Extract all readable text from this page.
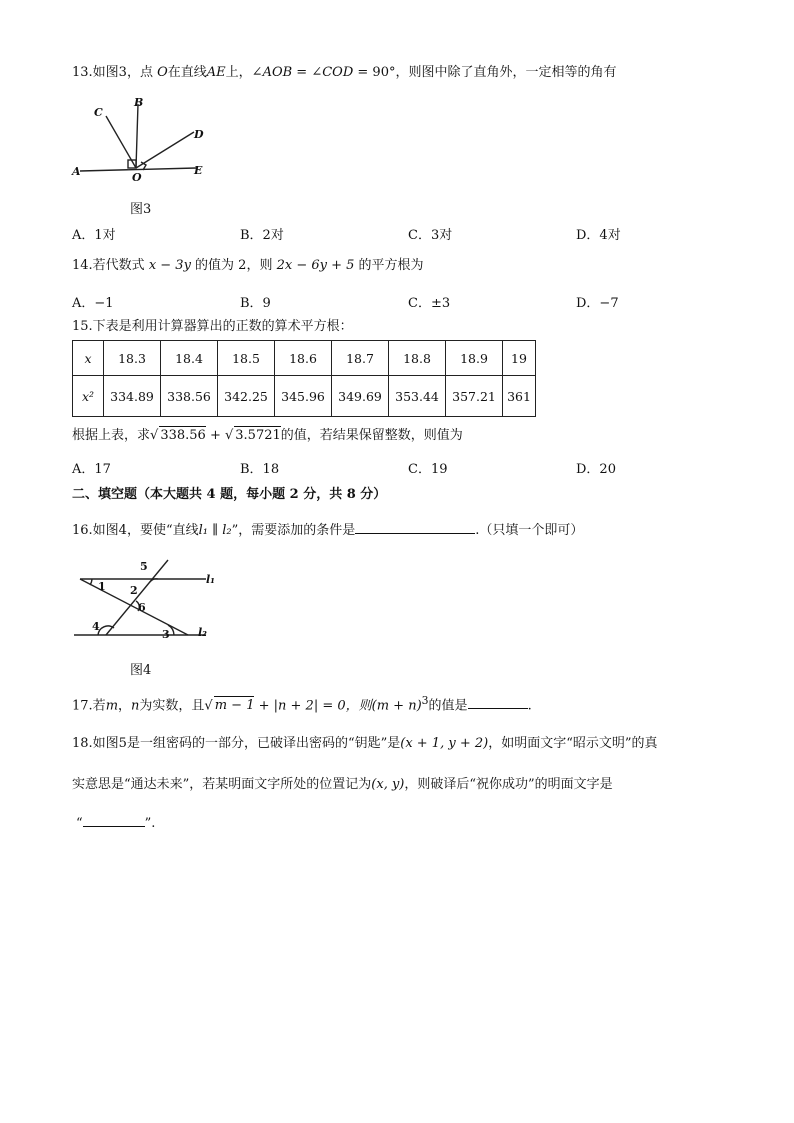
13.如图3，点 O在直线AE上，∠AOB = ∠COD = 90°，则图中除了直角外，一定相等的角有
A
B
C
D
E
O
图3
A．1对	B．2对	C．3对	D．4对
14.若代数式 x − 3y 的值为 2，则 2x − 6y + 5 的平方根为
A．−1	B．9	C．±3	D．−7
15.下表是利用计算器算出的正数的算术平方根：
x	18.3	18.4	18.5	18.6	18.7	18.8	18.9	19
x²	334.89	338.56	342.25	345.96	349.69	353.44	357.21	361
根据上表，求√ 338.56 + √ 3.5721的值，若结果保留整数，则值为
A．17	B．18	C．19	D．20
二、填空题（本大题共 4 题，每小题 2 分，共 8 分）
16.如图4，要使“直线l₁ ∥ l₂”，需要添加的条件是	.（只填一个即可）
1 2
3
4
5
6
l₁
l₂
图4
17.若m，n为实数，且√ m − 1 + |n + 2| = 0，则$(m + n)^3$的值是	.
18.如图5是一组密码的一部分，已破译出密码的“钥匙”是(x + 1, y + 2)，如明面文字“昭示文明”的真
实意思是“通达未来”，若某明面文字所处的位置记为(x, y)，则破译后“祝你成功”的明面文字是
“	”.
